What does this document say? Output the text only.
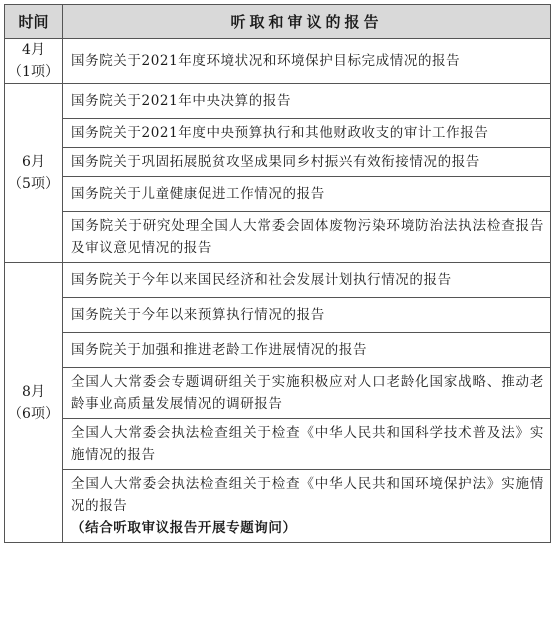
时间	听取和审议的报告

4月
（1项）	国务院关于2021年度环境状况和环境保护目标完成情况的报告

6月
（5项）	国务院关于2021年中央决算的报告
	国务院关于2021年度中央预算执行和其他财政收支的审计工作报告
	国务院关于巩固拓展脱贫攻坚成果同乡村振兴有效衔接情况的报告
	国务院关于儿童健康促进工作情况的报告
	国务院关于研究处理全国人大常委会固体废物污染环境防治法执法检查报告及审议意见情况的报告

8月
（6项）	国务院关于今年以来国民经济和社会发展计划执行情况的报告
	国务院关于今年以来预算执行情况的报告
	国务院关于加强和推进老龄工作进展情况的报告
	全国人大常委会专题调研组关于实施积极应对人口老龄化国家战略、推动老龄事业高质量发展情况的调研报告
	全国人大常委会执法检查组关于检查《中华人民共和国科学技术普及法》实施情况的报告
	全国人大常委会执法检查组关于检查《中华人民共和国环境保护法》实施情况的报告
（结合听取审议报告开展专题询问）
